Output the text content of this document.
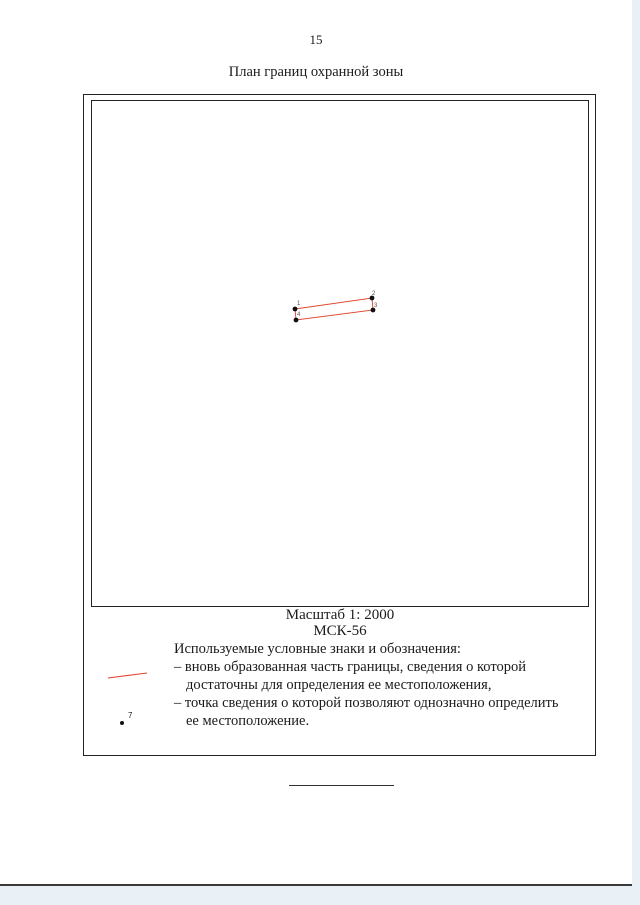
15
План границ охранной зоны
1
2
3
4
Масштаб 1: 2000
МСК-56
Используемые условные знаки и обозначения:
– вновь образованная часть границы, сведения о которой
достаточны для определения ее местоположения,
7
– точка сведения о которой позволяют однозначно определить
ее местоположение.
